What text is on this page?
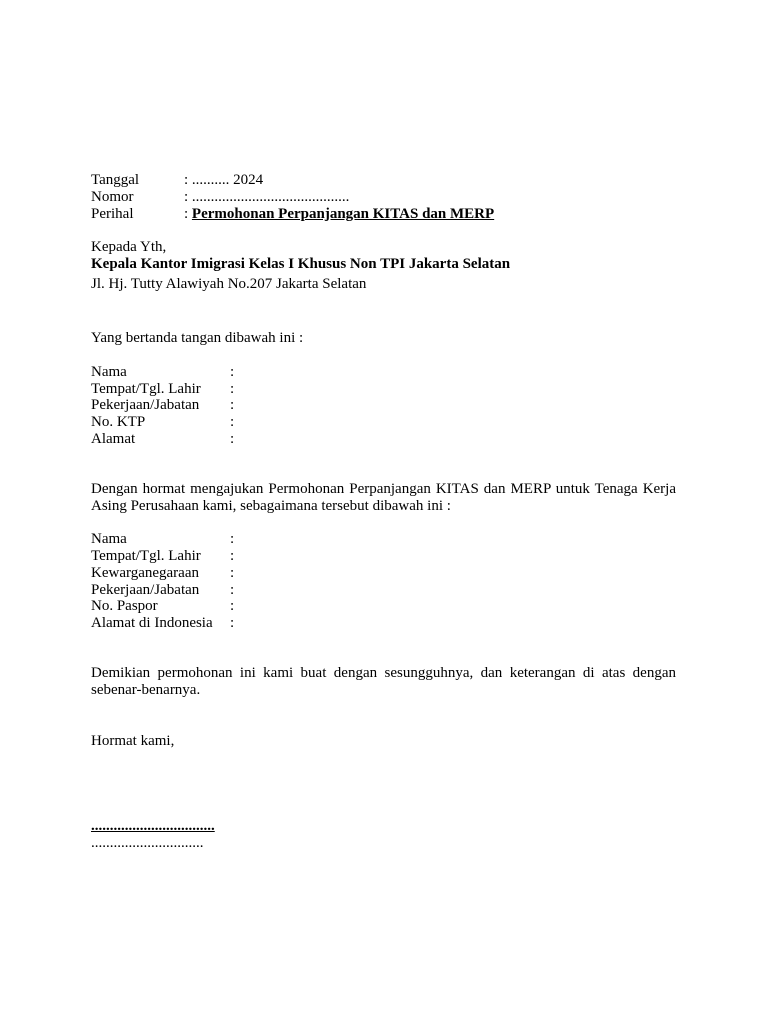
Tanggal	: .......... 2024
Nomor	: ..........................................
Perihal	: Permohonan Perpanjangan KITAS dan MERP
Kepada Yth,
Kepala Kantor Imigrasi Kelas I Khusus Non TPI Jakarta Selatan
Jl. Hj. Tutty Alawiyah No.207 Jakarta Selatan
Yang bertanda tangan dibawah ini :
Nama	:
Tempat/Tgl. Lahir :
Pekerjaan/Jabatan :
No. KTP	:
Alamat	:
Dengan hormat mengajukan Permohonan Perpanjangan KITAS dan MERP untuk Tenaga Kerja Asing Perusahaan kami, sebagaimana tersebut dibawah ini :
Nama	:
Tempat/Tgl. Lahir :
Kewarganegaraan :
Pekerjaan/Jabatan :
No. Paspor	:
Alamat di Indonesia :
Demikian permohonan ini kami buat dengan sesungguhnya, dan keterangan di atas dengan sebenar-benarnya.
Hormat kami,
.................................
..............................
